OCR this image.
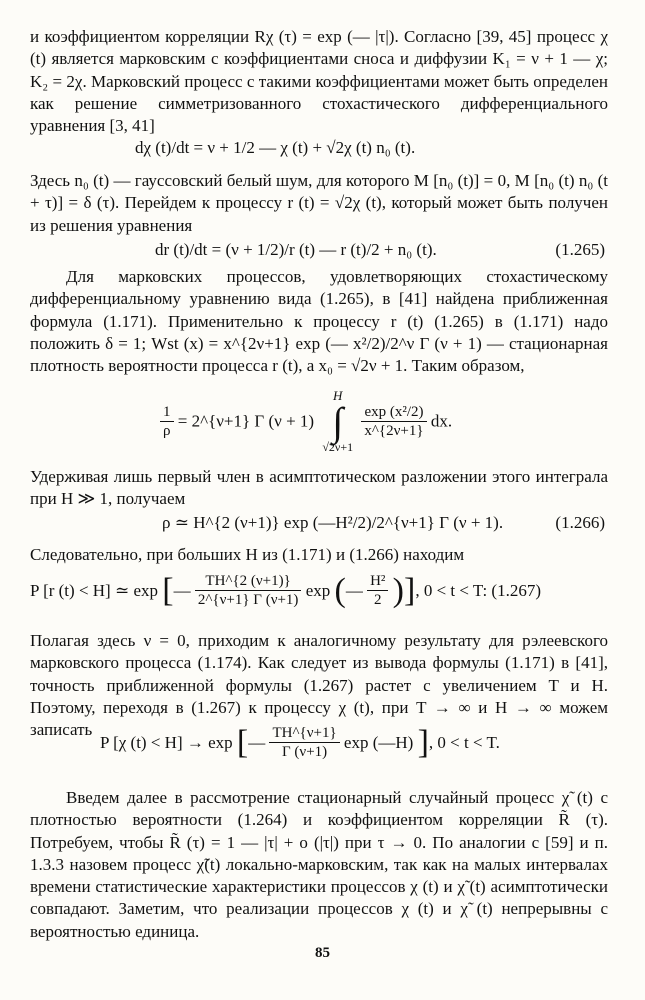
и коэффициентом корреляции Rχ (τ) = exp (— |τ|). Согласно [39, 45] процесс χ (t) является марковским с коэффициентами сноса и диффузии K₁ = ν + 1 — χ; K₂ = 2χ. Марковский процесс с такими коэффициентами может быть определен как решение симметризованного стохастического дифференциального уравнения [3, 41]

dχ (t)/dt = ν + 1/2 — χ (t) + √2χ (t) n₀ (t).

Здесь n₀ (t) — гауссовский белый шум, для которого M [n₀ (t)] = 0, M [n₀ (t) n₀ (t + τ)] = δ (τ). Перейдем к процессу r (t) = √2χ (t), который может быть получен из решения уравнения

dr (t)/dt = (ν + 1/2)/r (t) — r (t)/2 + n₀ (t).	(1.265)

Для марковских процессов, удовлетворяющих стохастическому дифференциальному уравнению вида (1.265), в [41] найдена приближенная формула (1.171). Применительно к процессу r (t) (1.265) в (1.171) надо положить δ = 1; Wst (x) = x^{2ν+1} exp (— x²/2)/2^ν Γ (ν + 1) — стационарная плотность вероятности процесса r (t), а x₀ = √2ν + 1. Таким образом,

$\frac{1}{\rho}$ = 2^{ν+1} Γ (ν + 1)
H
∫
√2ν+1

$\frac{\text{exp (x²/2)}}{x\^{}\{2\nu+1\}}$ dx.

Удерживая лишь первый член в асимптотическом разложении этого интеграла при H ≫ 1, получаем

ρ ≃ H^{2 (ν+1)} exp (—H²/2)/2^{ν+1} Γ (ν + 1).	(1.266)

Следовательно, при больших H из (1.171) и (1.266) находим

P [r (t) < H] ≃ exp [— $\frac{TH\^{}\{2 (\nu+1)\}}{2\^{}\{\nu+1\} \Gamma (\nu+1)}$ exp (— $\frac{\text{H²}}{2}$ )], 0 < t < T: (1.267)

Полагая здесь ν = 0, приходим к аналогичному результату для рэлеевского марковского процесса (1.174). Как следует из вывода формулы (1.171) в [41], точность приближенной формулы (1.267) растет с увеличением T и H. Поэтому, переходя в (1.267) к процессу χ (t), при T → ∞ и H → ∞ можем записать

P [χ (t) < H] → exp [— $\frac{TH\^{}\{\nu+1\}}{\Gamma (\nu+1)}$ exp (—H) ], 0 < t < T.

Введем далее в рассмотрение стационарный случайный процесс χ̃ (t) с плотностью вероятности (1.264) и коэффициентом корреляции R̃ (τ). Потребуем, чтобы R̃ (τ) = 1 — |τ| + o (|τ|) при τ → 0. По аналогии с [59] и п. 1.3.3 назовем процесс χ̃(t) локально-марковским, так как на малых интервалах времени статистические характеристики процессов χ (t) и χ̃ (t) асимптотически совпадают. Заметим, что реализации процессов χ (t) и χ̃ (t) непрерывны с вероятностью единица.

85
